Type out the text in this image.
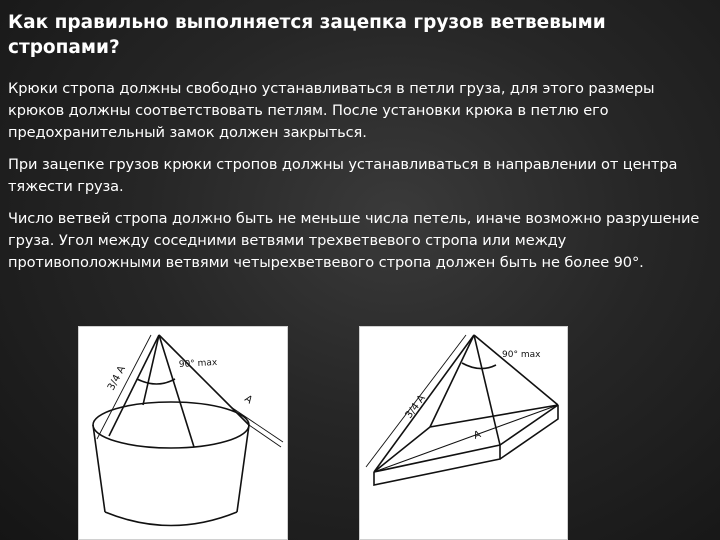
Как правильно выполняется зацепка грузов ветвевыми стропами?

Крюки стропа должны свободно устанавливаться в петли груза, для этого размеры крюков должны соответствовать петлям. После установки крюка в петлю его предохранительный замок должен закрыться.

При зацепке грузов крюки стропов должны устанавливаться в направлении от центра тяжести груза.

Число ветвей стропа должно быть не меньше числа петель, иначе возможно разрушение груза. Угол между соседними ветвями трехветвевого стропа или между противоположными ветвями четырехветвевого стропа должен быть не более 90°.

90° max
3/4 A
A
90° max
3/4 A
A
